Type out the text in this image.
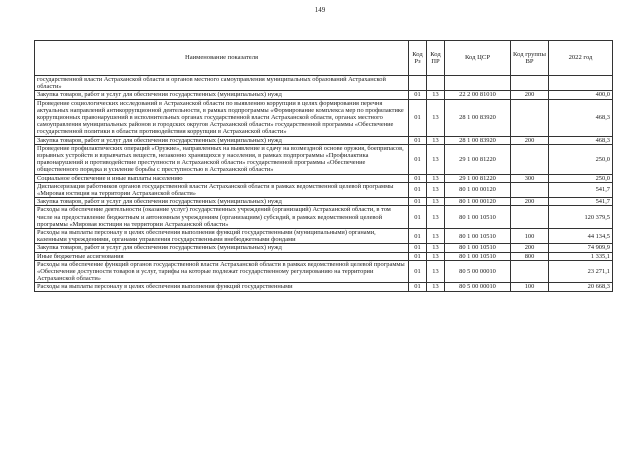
149
Наименование показателя	Код Рз	Код ПР	Код ЦСР	Код группы ВР	2022 год
государственной власти Астраханской области и органов местного самоуправления муниципальных образований Астраханской области»					
Закупка товаров, работ и услуг для обеспечения государственных (муниципальных) нужд	01	13	22 2 00 81010	200	400,0
Проведение социологических исследований в Астраханской области по выявлению коррупции в целях формирования перечня актуальных направлений антикоррупционной деятельности, в рамках подпрограммы «Формирование комплекса мер по профилактике коррупционных правонарушений в исполнительных органах государственной власти Астраханской области, органах местного самоуправления муниципальных районов и городских округов Астраханской области» государственной программы «Обеспечение государственной политики в области противодействия коррупции в Астраханской области»	01	13	28 1 00 83920		468,3
Закупка товаров, работ и услуг для обеспечения государственных (муниципальных) нужд	01	13	28 1 00 83920	200	468,3
Проведение профилактических операций «Оружие», направленных на выявление и сдачу на возмездной основе оружия, боеприпасов, взрывных устройств и взрывчатых веществ, незаконно хранящихся у населения, в рамках подпрограммы «Профилактика правонарушений и противодействие преступности в Астраханской области» государственной программы «Обеспечение общественного порядка и усиление борьбы с преступностью в Астраханской области»	01	13	29 1 00 81220		250,0
Социальное обеспечение и иные выплаты населению	01	13	29 1 00 81220	300	250,0
Диспансеризация работников органов государственной власти Астраханской области в рамках ведомственной целевой программы «Мировая юстиция на территории Астраханской области»	01	13	80 1 00 00120		541,7
Закупка товаров, работ и услуг для обеспечения государственных (муниципальных) нужд	01	13	80 1 00 00120	200	541,7
Расходы на обеспечение деятельности (оказание услуг) государственных учреждений (организаций) Астраханской области, в том числе на предоставление бюджетным и автономным учреждениям (организациям) субсидий, в рамках ведомственной целевой программы «Мировая юстиция на территории Астраханской области»	01	13	80 1 00 10510		120 379,5
Расходы на выплаты персоналу в целях обеспечения выполнения функций государственными (муниципальными) органами, казенными учреждениями, органами управления государственными внебюджетными фондами	01	13	80 1 00 10510	100	44 134,5
Закупка товаров, работ и услуг для обеспечения государственных (муниципальных) нужд	01	13	80 1 00 10510	200	74 909,9
Иные бюджетные ассигнования	01	13	80 1 00 10510	800	1 335,1
Расходы на обеспечение функций органов государственной власти Астраханской области в рамках ведомственной целевой программы «Обеспечение доступности товаров и услуг, тарифы на которые подлежат государственному регулированию на территории Астраханской области»	01	13	80 5 00 00010		23 271,1
Расходы на выплаты персоналу в целях обеспечения выполнения функций государственными	01	13	80 5 00 00010	100	20 668,3
